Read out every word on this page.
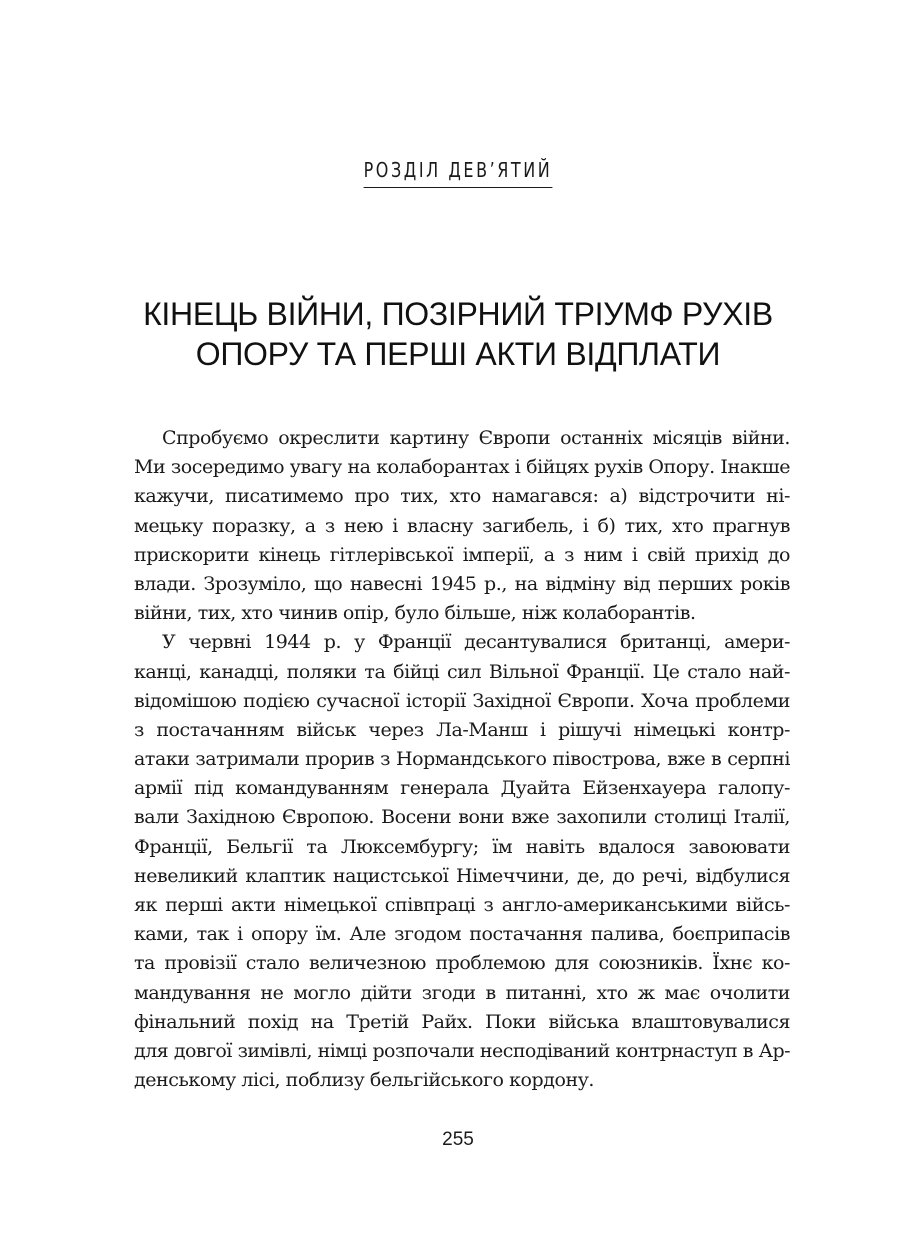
РОЗДІЛ ДЕВ’ЯТИЙ
КІНЕЦЬ ВІЙНИ, ПОЗІРНИЙ ТРІУМФ РУХІВ
ОПОРУ ТА ПЕРШІ АКТИ ВІДПЛАТИ
Спробуємо окреслити картину Європи останніх місяців війни.
Ми зосередимо увагу на колаборантах і бійцях рухів Опору. Інакше
кажучи, писатимемо про тих, хто намагався: а) відстрочити ні-
мецьку поразку, а з нею і власну загибель, і б) тих, хто прагнув
прискорити кінець гітлерівської імперії, а з ним і свій прихід до
влади. Зрозуміло, що навесні 1945 р., на відміну від перших років
війни, тих, хто чинив опір, було більше, ніж колаборантів.
У червні 1944 р. у Франції десантувалися британці, амери-
канці, канадці, поляки та бійці сил Вільної Франції. Це стало най-
відомішою подією сучасної історії Західної Європи. Хоча проблеми
з постачанням військ через Ла-Манш і рішучі німецькі контр-
атаки затримали прорив з Нормандського півострова, вже в серпні
армії під командуванням генерала Дуайта Ейзенхауера галопу-
вали Західною Європою. Восени вони вже захопили столиці Італії,
Франції, Бельгії та Люксембургу; їм навіть вдалося завоювати
невеликий клаптик нацистської Німеччини, де, до речі, відбулися
як перші акти німецької співпраці з англо-американськими війсь-
ками, так і опору їм. Але згодом постачання палива, боєприпасів
та провізії стало величезною проблемою для союзників. Їхнє ко-
мандування не могло дійти згоди в питанні, хто ж має очолити
фінальний похід на Третій Райх. Поки війська влаштовувалися
для довгої зимівлі, німці розпочали несподіваний контрнаступ в Ар-
денському лісі, поблизу бельгійського кордону.
255
